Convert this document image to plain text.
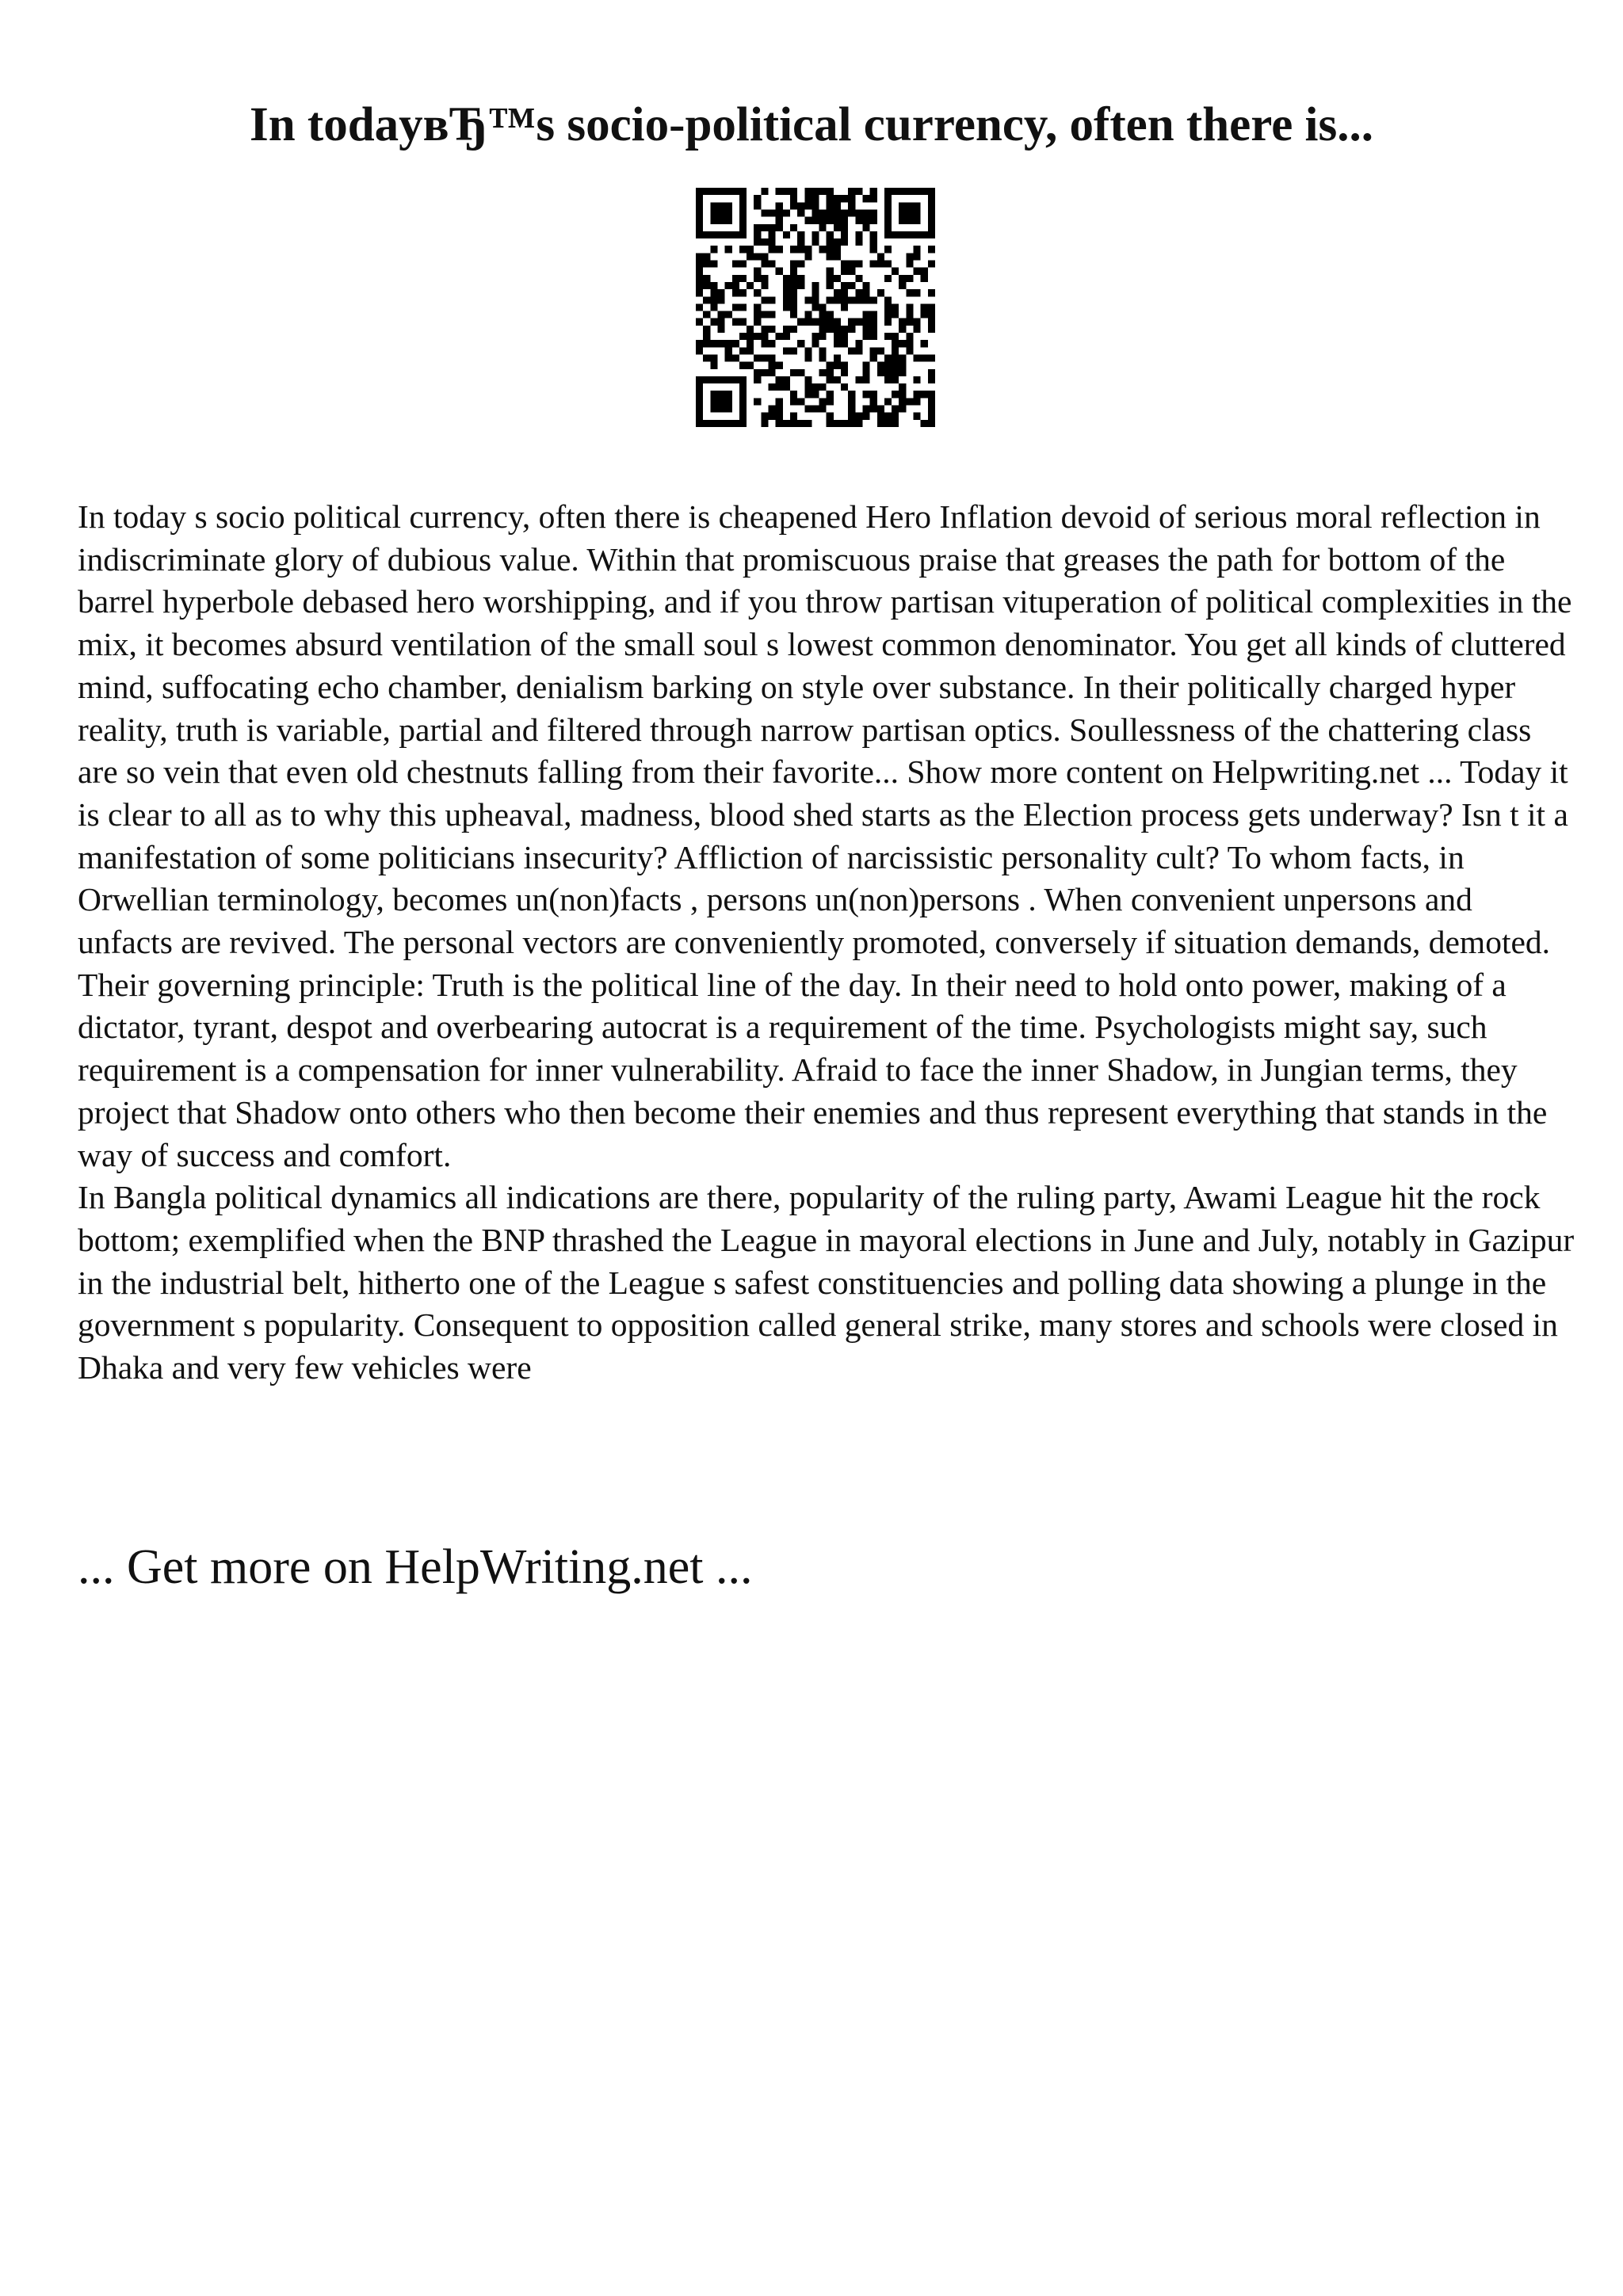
In todayвЂ™s socio-political currency, often there is...

In today s socio political currency, often there is cheapened Hero Inflation devoid of serious moral reflection in indiscriminate glory of dubious value. Within that promiscuous praise that greases the path for bottom of the barrel hyperbole debased hero worshipping, and if you throw partisan vituperation of political complexities in the mix, it becomes absurd ventilation of the small soul s lowest common denominator. You get all kinds of cluttered mind, suffocating echo chamber, denialism barking on style over substance. In their politically charged hyper reality, truth is variable, partial and filtered through narrow partisan optics. Soullessness of the chattering class are so vein that even old chestnuts falling from their favorite... Show more content on Helpwriting.net ... Today it is clear to all as to why this upheaval, madness, blood shed starts as the Election process gets underway? Isn t it a manifestation of some politicians insecurity? Affliction of narcissistic personality cult? To whom facts, in Orwellian terminology, becomes un(non)facts , persons un(non)persons . When convenient unpersons and unfacts are revived. The personal vectors are conveniently promoted, conversely if situation demands, demoted. Their governing principle: Truth is the political line of the day. In their need to hold onto power, making of a dictator, tyrant, despot and overbearing autocrat is a requirement of the time. Psychologists might say, such requirement is a compensation for inner vulnerability. Afraid to face the inner Shadow, in Jungian terms, they project that Shadow onto others who then become their enemies and thus represent everything that stands in the way of success and comfort.

In Bangla political dynamics all indications are there, popularity of the ruling party, Awami League hit the rock bottom; exemplified when the BNP thrashed the League in mayoral elections in June and July, notably in Gazipur in the industrial belt, hitherto one of the League s safest constituencies and polling data showing a plunge in the government s popularity. Consequent to opposition called general strike, many stores and schools were closed in Dhaka and very few vehicles were

... Get more on HelpWriting.net ...
